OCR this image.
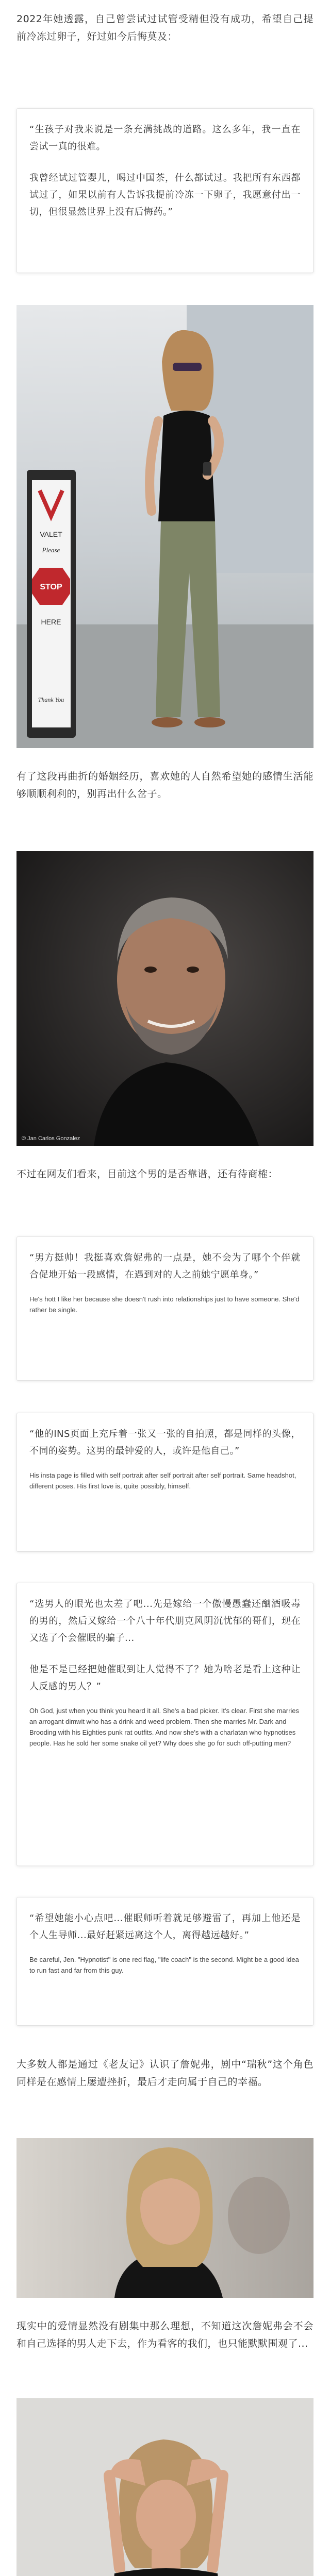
2022年她透露，自己曾尝试过试管受精但没有成功，希望自己提前冷冻过卵子，好过如今后悔莫及：

“生孩子对我来说是一条充满挑战的道路。这么多年，我一直在尝试一真的很难。

我曾经试过管婴儿，喝过中国茶，什么都试过。我把所有东西都试过了，如果以前有人告诉我提前冷冻一下卵子，我愿意付出一切，但很显然世界上没有后悔药。”

VALET
Please
STOP
HERE
Thank You

有了这段再曲折的婚姻经历，喜欢她的人自然希望她的感情生活能够顺顺利利的，别再出什么岔子。

© Jan Carlos Gonzalez

不过在网友们看来，目前这个男的是否靠谱，还有待商榷：

“男方挺帅！我挺喜欢詹妮弗的一点是，她不会为了哪个个伴就合促地开始一段感情，在遇到对的人之前她宁愿单身。”

He's hott I like her because she doesn't rush into relationships just to have someone. She'd rather be single.

“他的INS页面上充斥着一张又一张的自拍照，都是同样的头像，不同的姿势。这男的最钟爱的人，或许是他自己。”

His insta page is filled with self portrait after self portrait after self portrait. Same headshot, different poses. His first love is, quite possibly, himself.

“选男人的眼光也太差了吧...先是嫁给一个傲慢愚蠢还酗酒吸毒的男的，然后又嫁给一个八十年代朋克风阴沉忧郁的哥们，现在又选了个会催眠的骗子...

他是不是已经把她催眠到让人觉得不了？她为啥老是看上这种让人反感的男人？”

Oh God, just when you think you heard it all. She's a bad picker. It's clear. First she marries an arrogant dimwit who has a drink and weed problem. Then she marries Mr. Dark and Brooding with his Eighties punk rat outfits. And now she's with a charlatan who hypnotises people. Has he sold her some snake oil yet? Why does she go for such off-putting men?

“希望她能小心点吧...催眠师听着就足够避雷了，再加上他还是个人生导师...最好赶紧远离这个人，离得越远越好。”

Be careful, Jen. "Hypnotist" is one red flag, "life coach" is the second. Might be a good idea to run fast and far from this guy.

大多数人都是通过《老友记》认识了詹妮弗，剧中“瑞秋”这个角色同样是在感情上屡遭挫折，最后才走向属于自己的幸福。

现实中的爱情显然没有剧集中那么理想，不知道这次詹妮弗会不会和自己选择的男人走下去，作为看客的我们，也只能默默围观了...
